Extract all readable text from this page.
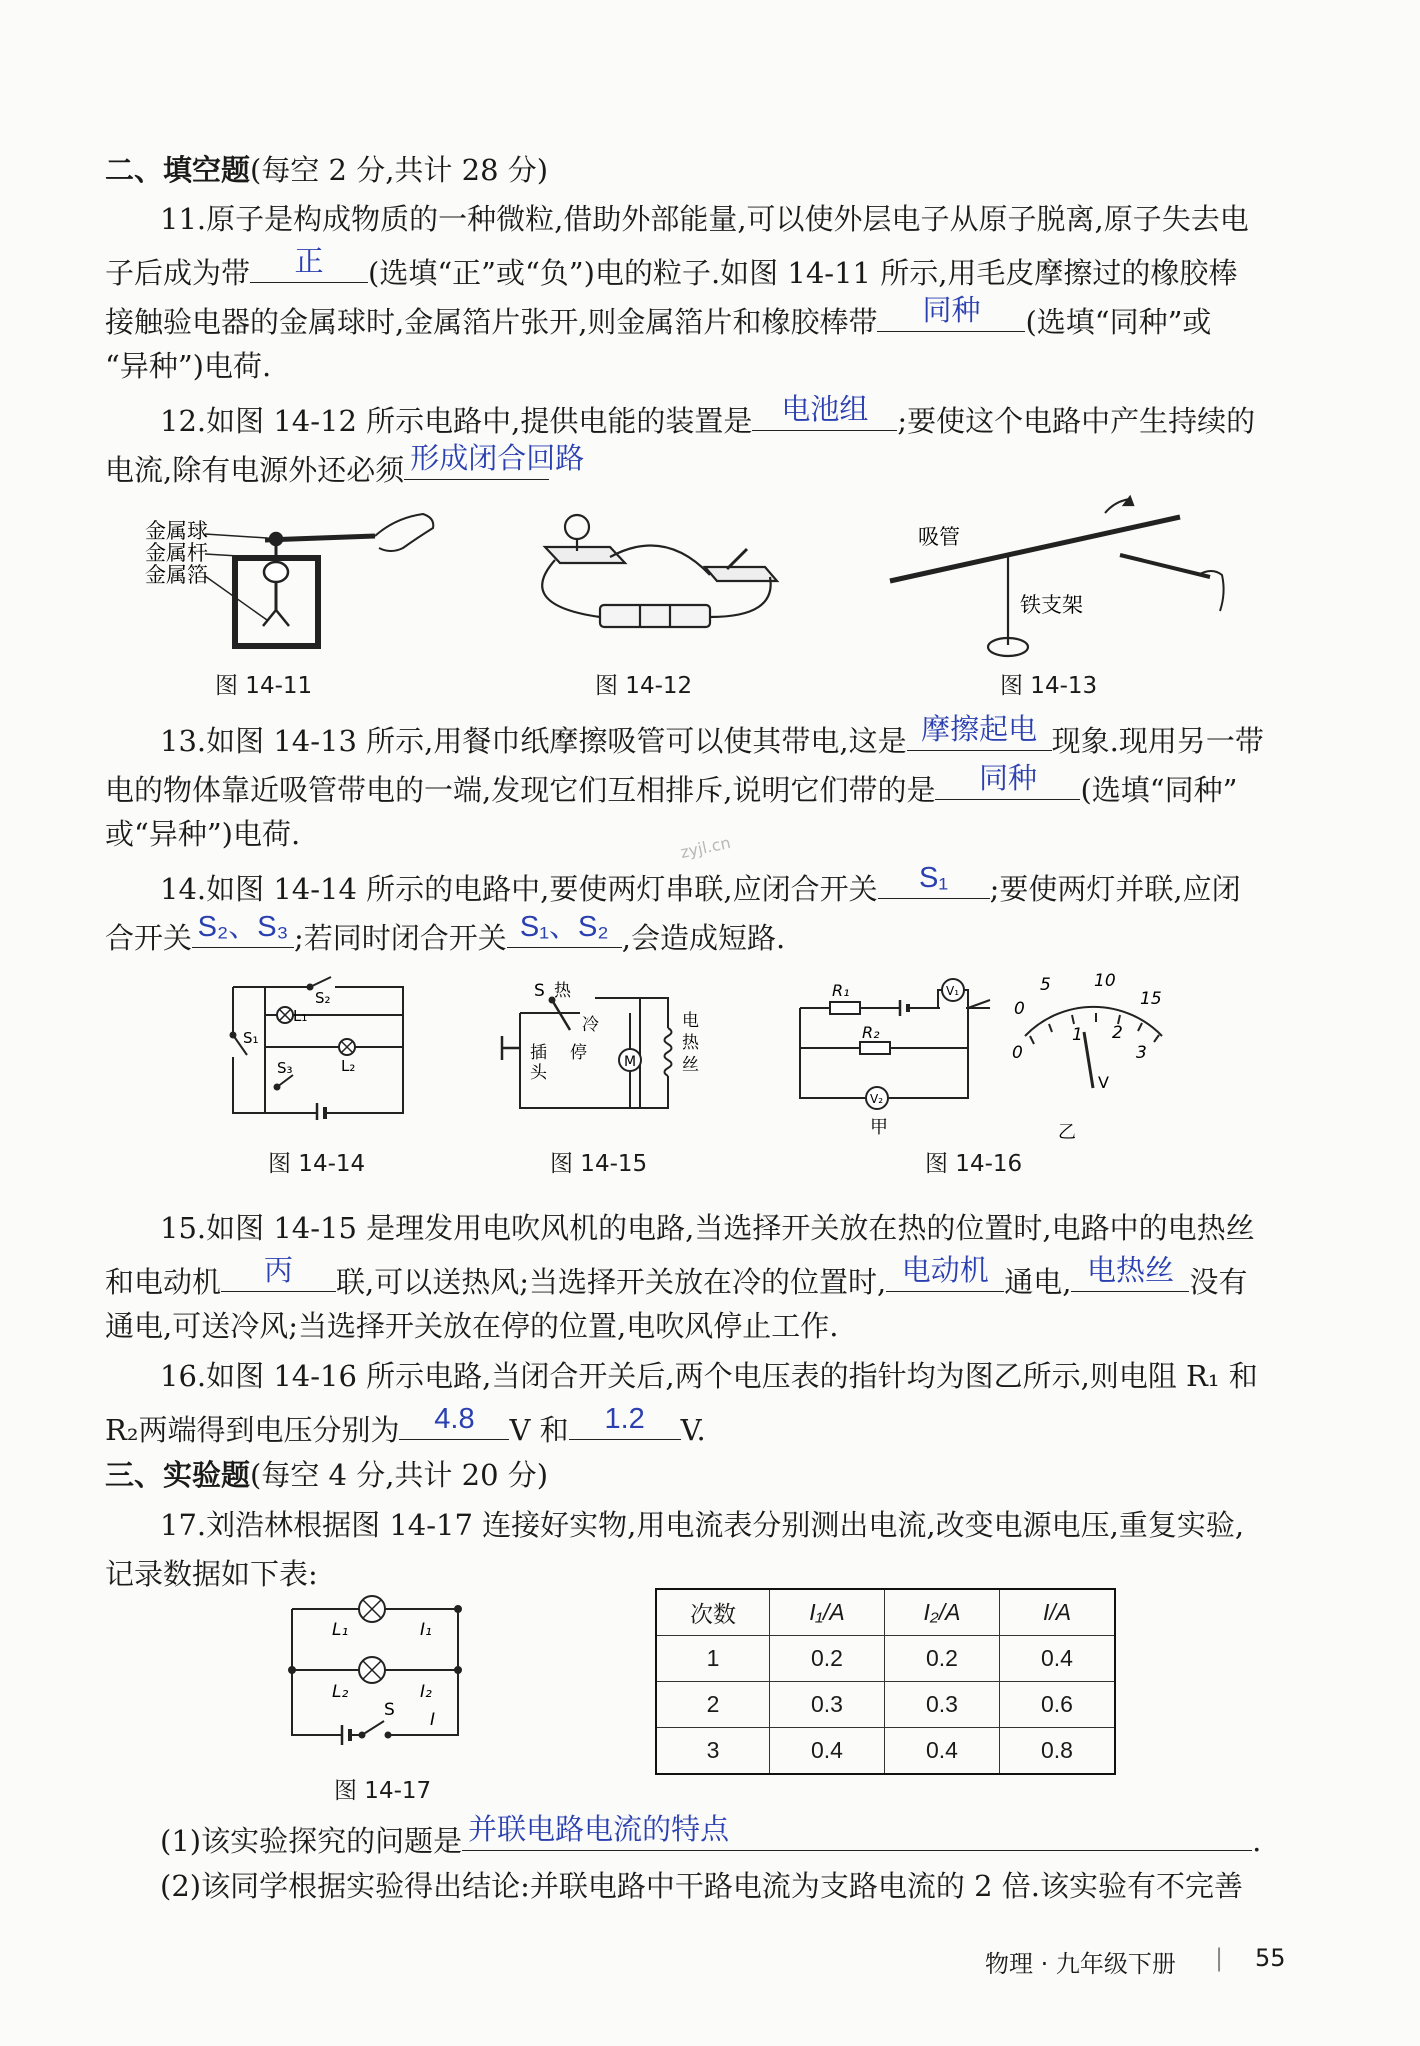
二、填空题(每空 2 分,共计 28 分)
11.原子是构成物质的一种微粒,借助外部能量,可以使外层电子从原子脱离,原子失去电
子后成为带	正	(选填“正”或“负”)电的粒子.如图 14-11 所示,用毛皮摩擦过的橡胶棒
接触验电器的金属球时,金属箔片张开,则金属箔片和橡胶棒带	同种	(选填“同种”或
“异种”)电荷.
12.如图 14-12 所示电路中,提供电能的装置是 电池组	;要使这个电路中产生持续的
电流,除有电源外还必须 形成闭合回路
金属球
金属杆
金属箔
图 14-11	图 14-12
吸管
铁支架
图 14-13
13.如图 14-13 所示,用餐巾纸摩擦吸管可以使其带电,这是 摩擦起电 现象.现用另一带
电的物体靠近吸管带电的一端,发现它们互相排斥,说明它们带的是	同种	(选填“同种”
或“异种”)电荷.	zyjl.cn
14.如图 14-14 所示的电路中,要使两灯串联,应闭合开关	S₁	;要使两灯并联,应闭
合开关 S₂、S₃ ;若同时闭合开关 S₁、S₂ ,会造成短路.
S₂
L₁
S₁
S₃	L₂
图 14-14
S 热
冷
停
插
头
M
电
热
丝
图 14-15
R₁
R₂
V₁
V₂
甲
0
5	10
15
0
1 2
3
V
乙
图 14-16
15.如图 14-15 是理发用电吹风机的电路,当选择开关放在热的位置时,电路中的电热丝
和电动机	丙	联,可以送热风;当选择开关放在冷的位置时, 电动机 通电, 电热丝 没有
通电,可送冷风;当选择开关放在停的位置,电吹风停止工作.
16.如图 14-16 所示电路,当闭合开关后,两个电压表的指针均为图乙所示,则电阻 R₁ 和
R₂两端得到电压分别为	4.8	V 和	1.2	V.
三、实验题(每空 4 分,共计 20 分)
17.刘浩林根据图 14-17 连接好实物,用电流表分别测出电流,改变电源电压,重复实验,
记录数据如下表:
L₁	I₁
L₂	I₂
S I
图 14-17
次数	I₁/A	I₂/A	I/A
1	0.2	0.2	0.4
2	0.3	0.3	0.6
3	0.4	0.4	0.8
(1)该实验探究的问题是 并联电路电流的特点	.
(2)该同学根据实验得出结论:并联电路中干路电流为支路电流的 2 倍.该实验有不完善
物理 · 九年级下册 | 55
